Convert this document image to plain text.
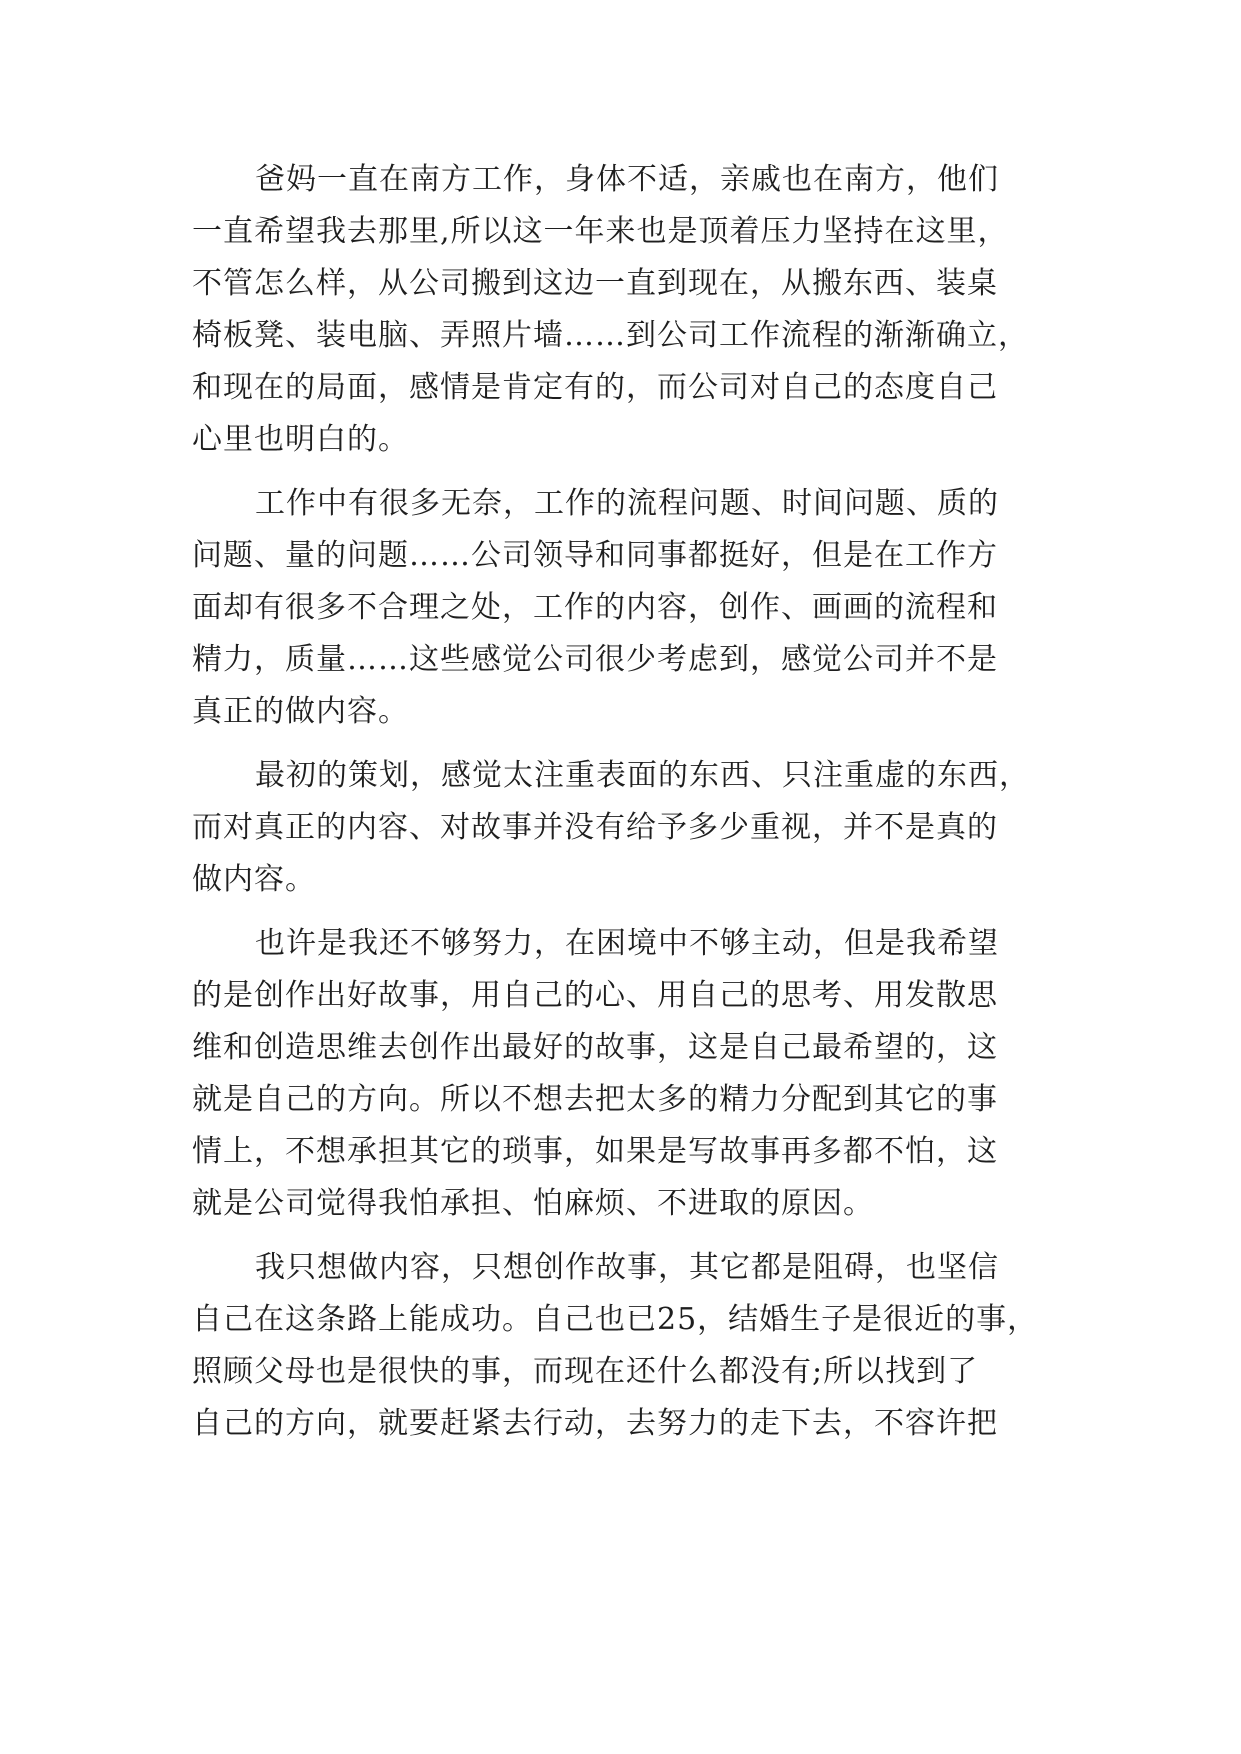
爸妈一直在南方工作，身体不适，亲戚也在南方，他们
一直希望我去那里,所以这一年来也是顶着压力坚持在这里，
不管怎么样，从公司搬到这边一直到现在，从搬东西、装桌
椅板凳、装电脑、弄照片墙……到公司工作流程的渐渐确立，
和现在的局面，感情是肯定有的，而公司对自己的态度自己
心里也明白的。
工作中有很多无奈，工作的流程问题、时间问题、质的
问题、量的问题……公司领导和同事都挺好，但是在工作方
面却有很多不合理之处，工作的内容，创作、画画的流程和
精力，质量……这些感觉公司很少考虑到，感觉公司并不是
真正的做内容。
最初的策划，感觉太注重表面的东西、只注重虚的东西，
而对真正的内容、对故事并没有给予多少重视，并不是真的
做内容。
也许是我还不够努力，在困境中不够主动，但是我希望
的是创作出好故事，用自己的心、用自己的思考、用发散思
维和创造思维去创作出最好的故事，这是自己最希望的，这
就是自己的方向。所以不想去把太多的精力分配到其它的事
情上，不想承担其它的琐事，如果是写故事再多都不怕，这
就是公司觉得我怕承担、怕麻烦、不进取的原因。
我只想做内容，只想创作故事，其它都是阻碍，也坚信
自己在这条路上能成功。自己也已25，结婚生子是很近的事，
照顾父母也是很快的事，而现在还什么都没有;所以找到了
自己的方向，就要赶紧去行动，去努力的走下去，不容许把
